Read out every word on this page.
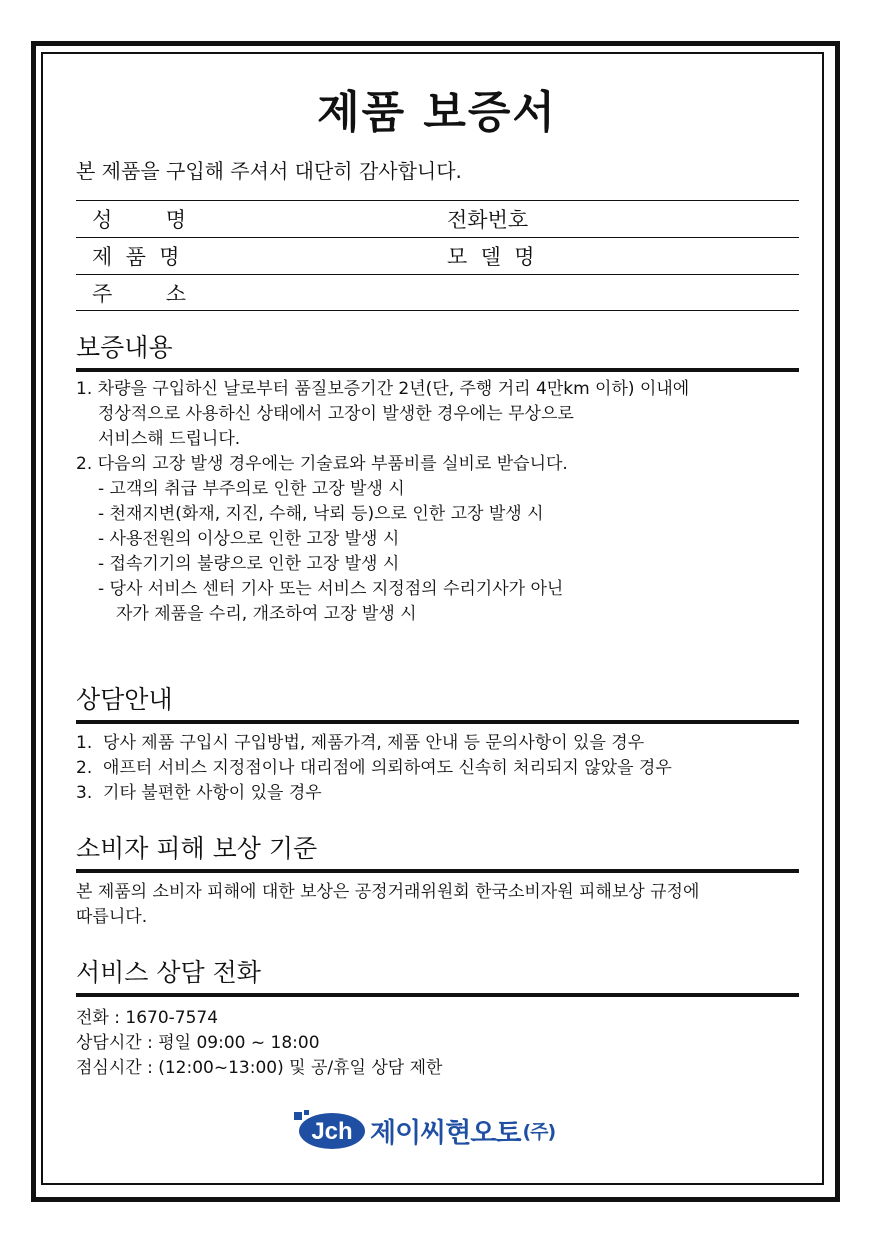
제품 보증서
본 제품을 구입해 주셔서 대단히 감사합니다.
성        명	전화번호
제  품  명	모  델  명
주        소
보증내용
1. 차량을 구입하신 날로부터 품질보증기간 2년(단, 주행 거리 4만km 이하) 이내에
정상적으로 사용하신 상태에서 고장이 발생한 경우에는 무상으로
서비스해 드립니다.
2. 다음의 고장 발생 경우에는 기술료와 부품비를 실비로 받습니다.
- 고객의 취급 부주의로 인한 고장 발생 시
- 천재지변(화재, 지진, 수해, 낙뢰 등)으로 인한 고장 발생 시
- 사용전원의 이상으로 인한 고장 발생 시
- 접속기기의 불량으로 인한 고장 발생 시
- 당사 서비스 센터 기사 또는 서비스 지정점의 수리기사가 아닌
자가 제품을 수리, 개조하여 고장 발생 시
상담안내
1.  당사 제품 구입시 구입방법, 제품가격, 제품 안내 등 문의사항이 있을 경우
2.  애프터 서비스 지정점이나 대리점에 의뢰하여도 신속히 처리되지 않았을 경우
3.  기타 불편한 사항이 있을 경우
소비자 피해 보상 기준
본 제품의 소비자 피해에 대한 보상은 공정거래위원회 한국소비자원 피해보상 규정에
따릅니다.
서비스 상담 전화
전화 : 1670-7574
상담시간 : 평일 09:00 ~ 18:00
점심시간 : (12:00~13:00) 및 공/휴일 상담 제한
Jch 제이씨현오토 (주)
